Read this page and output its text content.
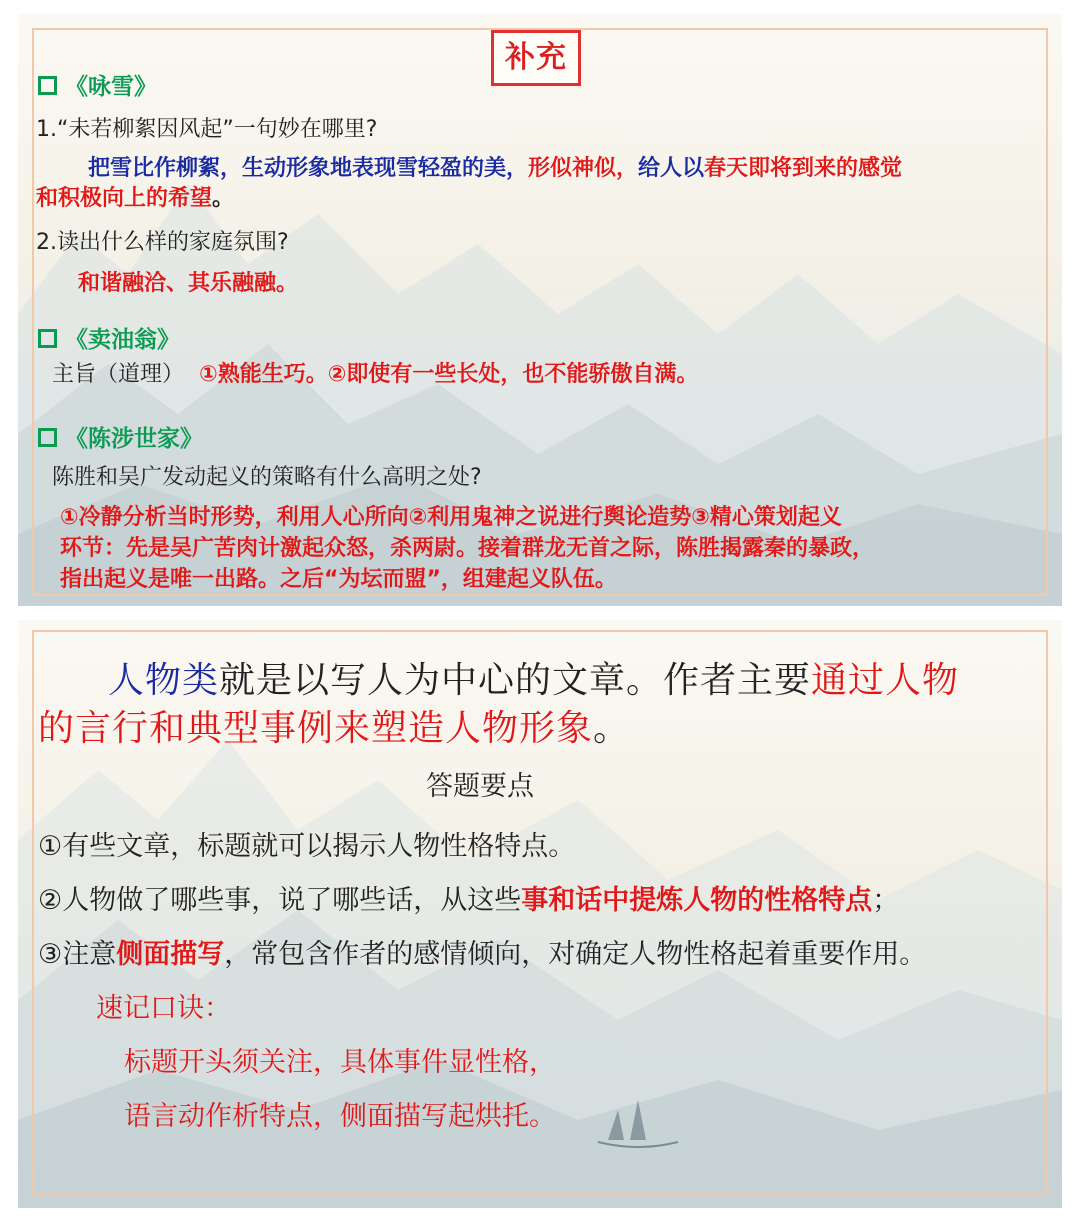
补充
《咏雪》
1.“未若柳絮因风起”一句妙在哪里?
把雪比作柳絮，生动形象地表现雪轻盈的美，形似神似，给人以春天即将到来的感觉
和积极向上的希望。
2.读出什么样的家庭氛围?
和谐融洽、其乐融融。
《卖油翁》
主旨（道理） ①熟能生巧。②即使有一些长处，也不能骄傲自满。
《陈涉世家》
陈胜和吴广发动起义的策略有什么高明之处?
①冷静分析当时形势，利用人心所向②利用鬼神之说进行舆论造势③精心策划起义
环节：先是吴广苦肉计激起众怒，杀两尉。接着群龙无首之际，陈胜揭露秦的暴政，
指出起义是唯一出路。之后“为坛而盟”，组建起义队伍。
人物类就是以写人为中心的文章。作者主要通过人物
的言行和典型事例来塑造人物形象。
答题要点
①有些文章，标题就可以揭示人物性格特点。
②人物做了哪些事，说了哪些话，从这些事和话中提炼人物的性格特点；
③注意侧面描写，常包含作者的感情倾向，对确定人物性格起着重要作用。
速记口诀：
标题开头须关注，具体事件显性格，
语言动作析特点，侧面描写起烘托。
